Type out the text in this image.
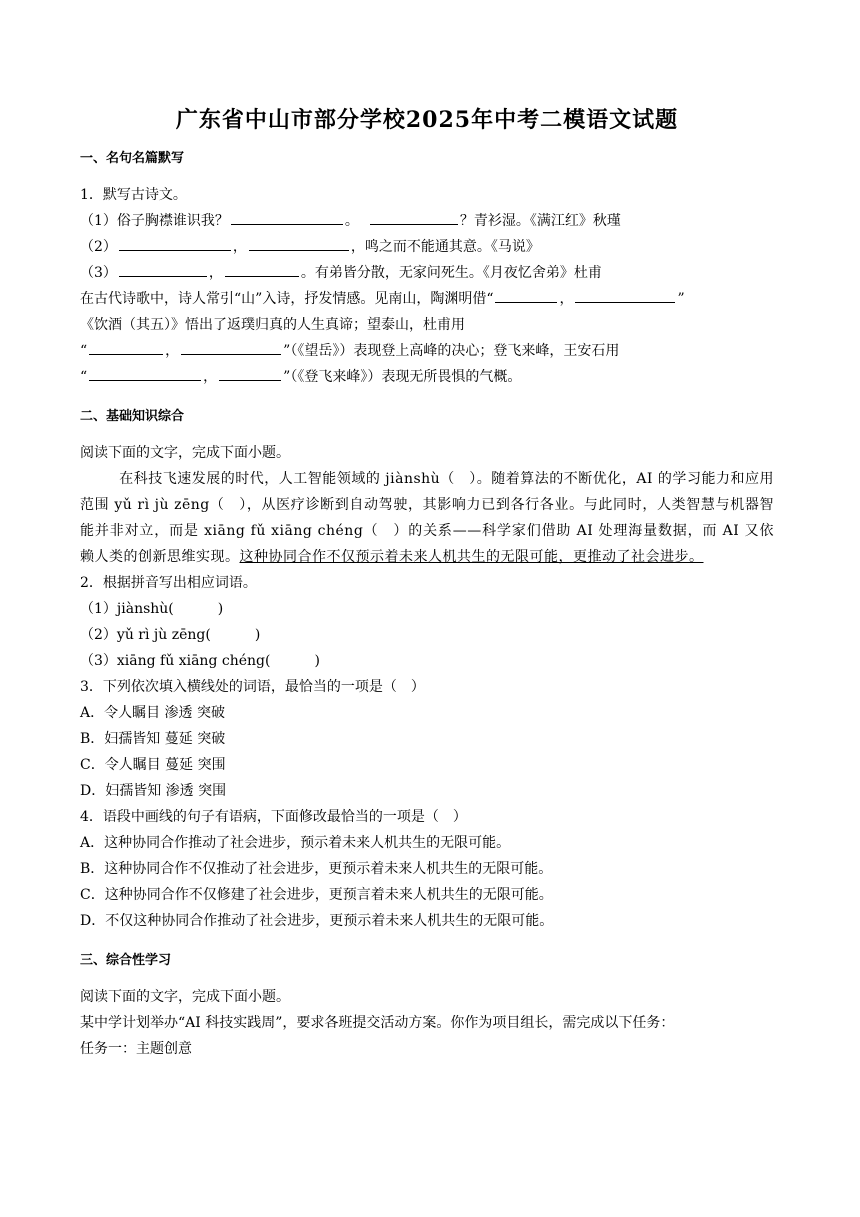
广东省中山市部分学校2025年中考二模语文试题
一、名句名篇默写
1．默写古诗文。
（1）俗子胸襟谁识我？	。	？青衫湿。《满江红》秋瑾
（2）	，	，鸣之而不能通其意。《马说》
（3）	，	。有弟皆分散，无家问死生。《月夜忆舍弟》杜甫
在古代诗歌中，诗人常引“山”入诗，抒发情感。见南山，陶渊明借“	，	”
《饮酒（其五）》悟出了返璞归真的人生真谛；望泰山，杜甫用
“	，	”（《望岳》）表现登上高峰的决心；登飞来峰，王安石用
“	，	”（《登飞来峰》）表现无所畏惧的气概。
二、基础知识综合
阅读下面的文字，完成下面小题。
在科技飞速发展的时代，人工智能领域的 jiànshù（　）。随着算法的不断优化，AI 的学习能力和应用范围 yǔ rì jù zēng（　），从医疗诊断到自动驾驶，其影响力已到各行各业。与此同时，人类智慧与机器智能并非对立，而是 xiāng fǔ xiāng chéng（　）的关系——科学家们借助 AI 处理海量数据，而 AI 又依赖人类的创新思维实现。这种协同合作不仅预示着未来人机共生的无限可能，更推动了社会进步。
2．根据拼音写出相应词语。
（1）jiànshù(	)
（2）yǔ rì jù zēng(	)
（3）xiāng fǔ xiāng chéng(	)
3．下列依次填入横线处的词语，最恰当的一项是（　）
A．令人瞩目 渗透 突破
B．妇孺皆知 蔓延 突破
C．令人瞩目 蔓延 突围
D．妇孺皆知 渗透 突围
4．语段中画线的句子有语病，下面修改最恰当的一项是（　）
A．这种协同合作推动了社会进步，预示着未来人机共生的无限可能。
B．这种协同合作不仅推动了社会进步，更预示着未来人机共生的无限可能。
C．这种协同合作不仅修建了社会进步，更预言着未来人机共生的无限可能。
D．不仅这种协同合作推动了社会进步，更预示着未来人机共生的无限可能。
三、综合性学习
阅读下面的文字，完成下面小题。
某中学计划举办“AI 科技实践周”，要求各班提交活动方案。你作为项目组长，需完成以下任务：
任务一：主题创意
